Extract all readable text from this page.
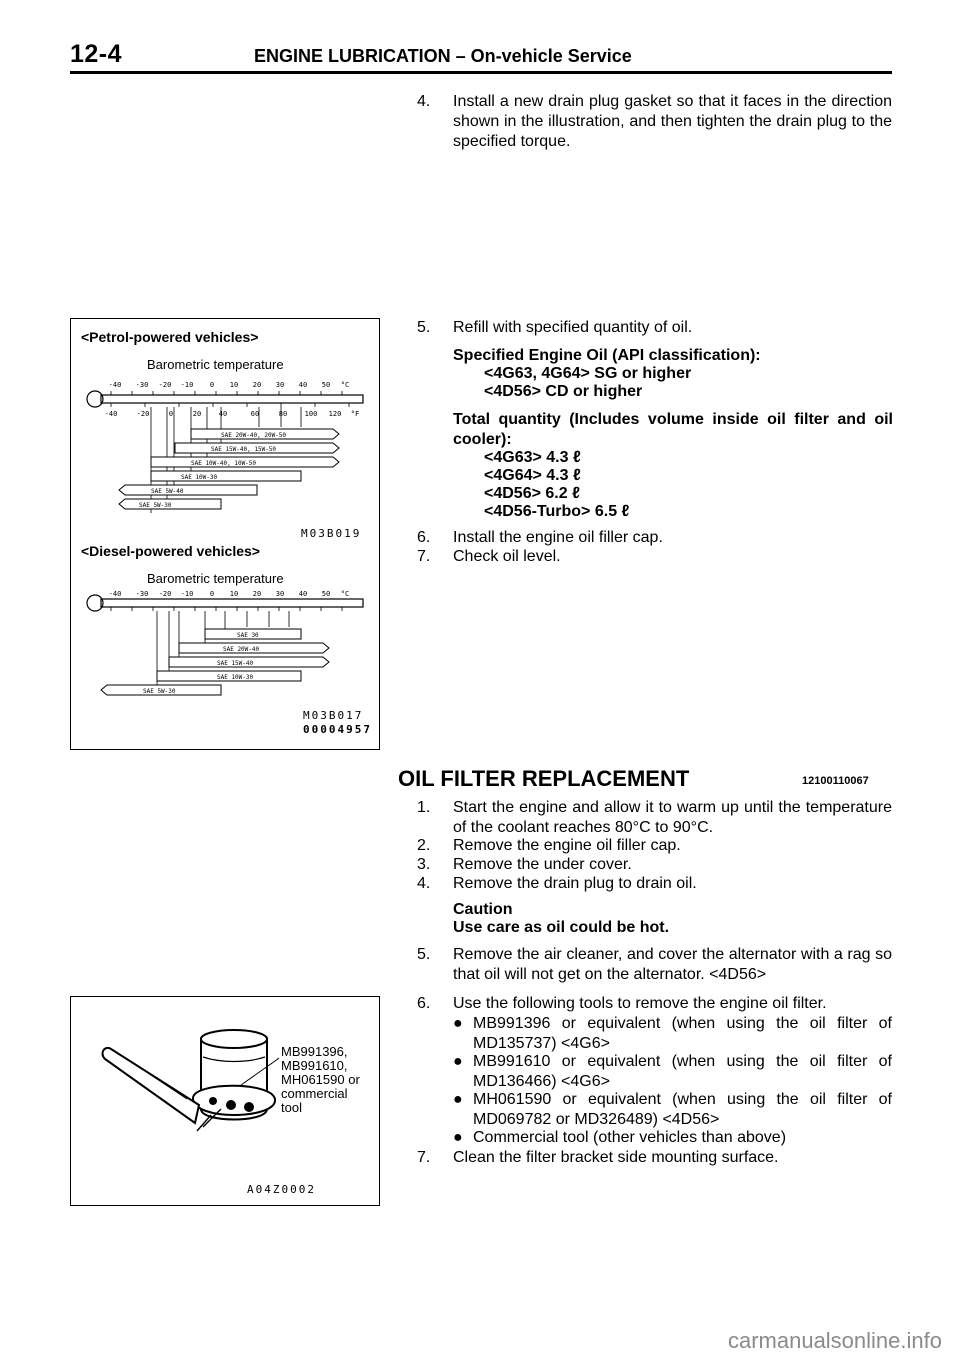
12-4	ENGINE LUBRICATION – On-vehicle Service
4.	Install a new drain plug gasket so that it faces in the direction shown in the illustration, and then tighten the drain plug to the specified torque.
5.	Refill with specified quantity of oil.
Specified Engine Oil (API classification):
<4G63, 4G64> SG or higher
<4D56> CD or higher
Total quantity (Includes volume inside oil filter and oil cooler):
<4G63> 4.3 ℓ
<4G64> 4.3 ℓ
<4D56> 6.2 ℓ
<4D56-Turbo> 6.5 ℓ
6.	Install the engine oil filler cap.
7.	Check oil level.
<Petrol-powered vehicles>
Barometric temperature
-40 -30 -20 -10 0 10 20 30 40 50 °C
-40	-20	0	20	40	60	80 100 120 °F
SAE 20W-40, 20W-50
SAE 15W-40, 15W-50
SAE 10W-40, 10W-50
SAE 10W-30
SAE 5W-40
SAE 5W-30
M03B019
<Diesel-powered vehicles>
Barometric temperature
-40 -30 -20 -10 0 10 20 30 40 50 °C
SAE 30
SAE 20W-40
SAE 15W-40
SAE 10W-30
SAE 5W-30
M03B017
00004957
OIL FILTER REPLACEMENT	12100110067
1.	Start the engine and allow it to warm up until the temperature of the coolant reaches 80°C to 90°C.
2.	Remove the engine oil filler cap.
3.	Remove the under cover.
4.	Remove the drain plug to drain oil.
Caution
Use care as oil could be hot.
5.	Remove the air cleaner, and cover the alternator with a rag so that oil will not get on the alternator. <4D56>
6.	Use the following tools to remove the engine oil filter.
● MB991396 or equivalent (when using the oil filter of MD135737) <4G6>
● MB991610 or equivalent (when using the oil filter of MD136466) <4G6>
● MH061590 or equivalent (when using the oil filter of MD069782 or MD326489) <4D56>
● Commercial tool (other vehicles than above)
7.	Clean the filter bracket side mounting surface.
MB991396,
MB991610,
MH061590 or
commercial
tool
A04Z0002
carmanualsonline.info
